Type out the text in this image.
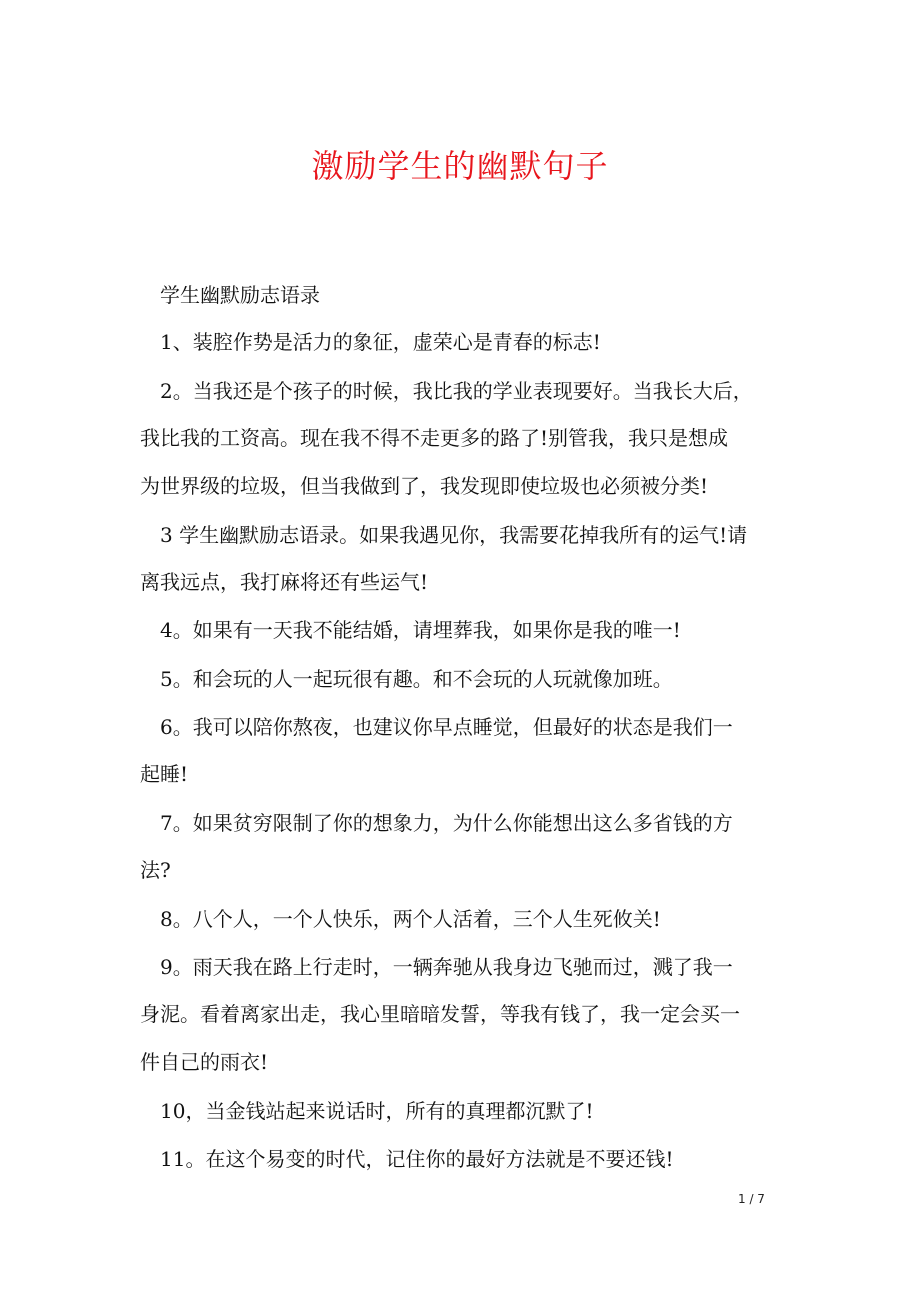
激励学生的幽默句子

学生幽默励志语录

1、装腔作势是活力的象征，虚荣心是青春的标志!

2。当我还是个孩子的时候，我比我的学业表现要好。当我长大后，

我比我的工资高。现在我不得不走更多的路了!别管我，我只是想成

为世界级的垃圾，但当我做到了，我发现即使垃圾也必须被分类!

3 学生幽默励志语录。如果我遇见你，我需要花掉我所有的运气!请

离我远点，我打麻将还有些运气!

4。如果有一天我不能结婚，请埋葬我，如果你是我的唯一!

5。和会玩的人一起玩很有趣。和不会玩的人玩就像加班。

6。我可以陪你熬夜，也建议你早点睡觉，但最好的状态是我们一

起睡!

7。如果贫穷限制了你的想象力，为什么你能想出这么多省钱的方

法?

8。八个人，一个人快乐，两个人活着，三个人生死攸关!

9。雨天我在路上行走时，一辆奔驰从我身边飞驰而过，溅了我一

身泥。看着离家出走，我心里暗暗发誓，等我有钱了，我一定会买一

件自己的雨衣!

10，当金钱站起来说话时，所有的真理都沉默了!

11。在这个易变的时代，记住你的最好方法就是不要还钱!

1 / 7
